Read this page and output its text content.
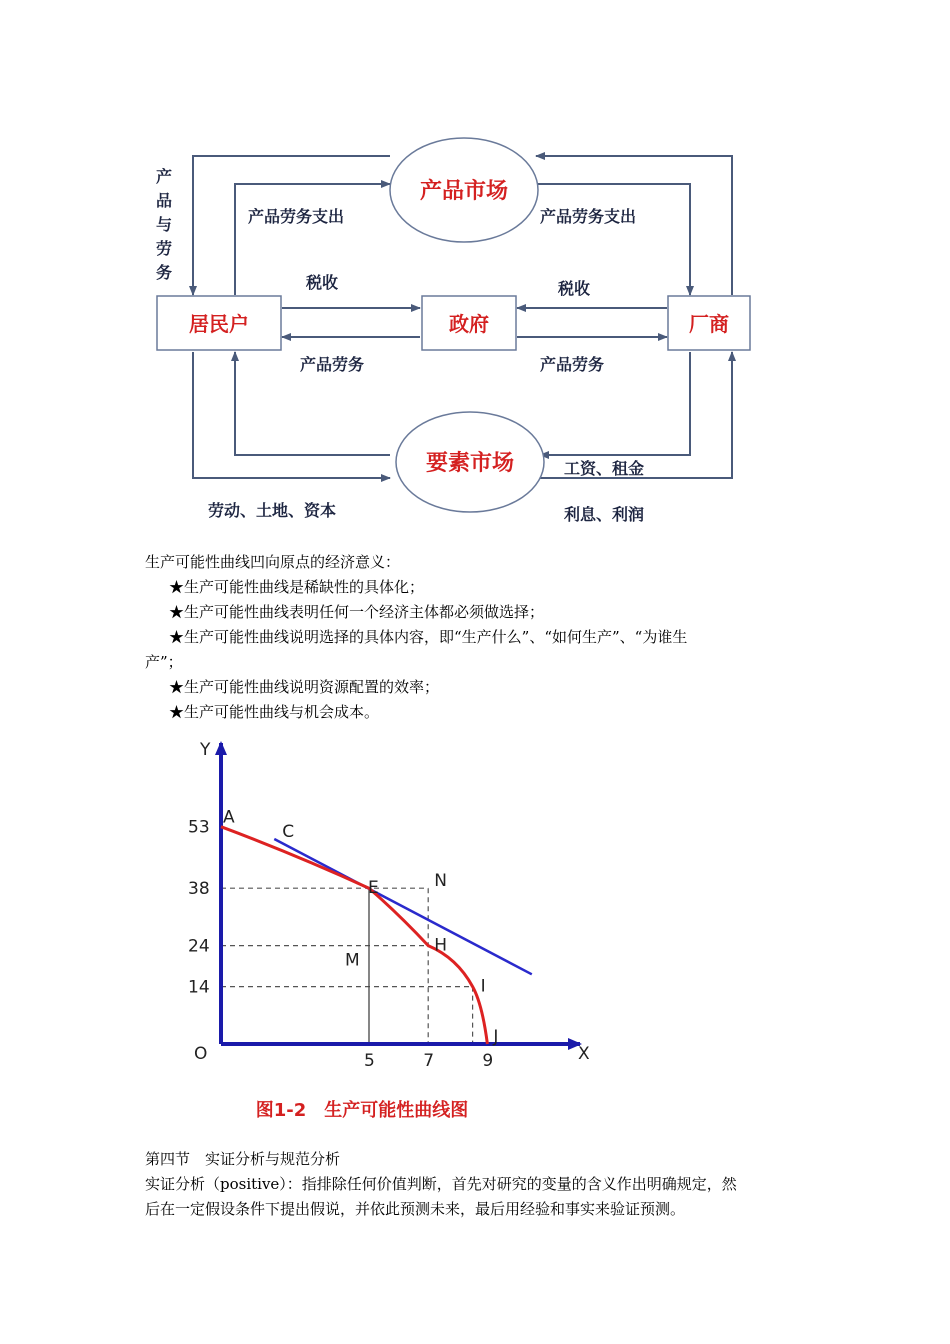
产品市场
要素市场
居民户	政府	厂商
产
品
与
劳
务
产品劳务支出	产品劳务支出
税收	税收
产品劳务	产品劳务
劳动、土地、资本
工资、租金
利息、利润
生产可能性曲线凹向原点的经济意义：
★生产可能性曲线是稀缺性的具体化；
★生产可能性曲线表明任何一个经济主体都必须做选择；
★生产可能性曲线说明选择的具体内容，即“生产什么”、“如何生产”、“为谁生
产”；
★生产可能性曲线说明资源配置的效率；
★生产可能性曲线与机会成本。
14
24
38
53
5	7	9
A
E
H
I
J
N
M
C
Y
X
O
图1-2　生产可能性曲线图
第四节　实证分析与规范分析
实证分析（positive）：指排除任何价值判断，首先对研究的变量的含义作出明确规定，然
后在一定假设条件下提出假说，并依此预测未来，最后用经验和事实来验证预测。
